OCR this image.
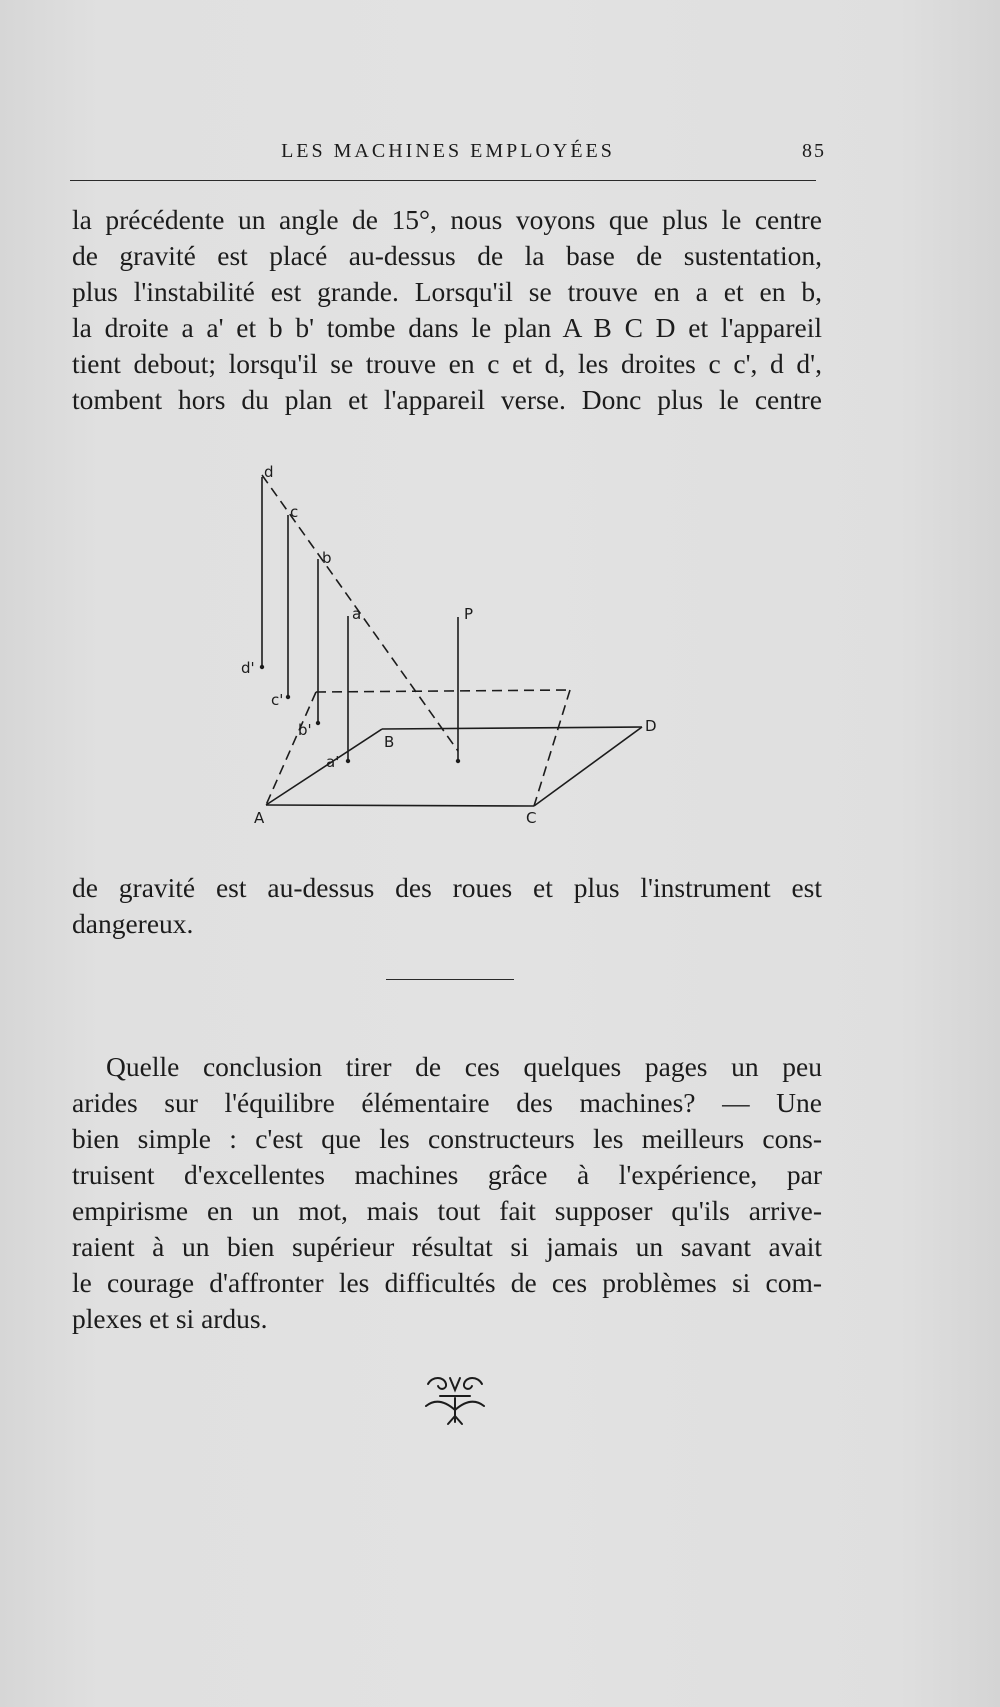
LES MACHINES EMPLOYÉES	85

la précédente un angle de 15°, nous voyons que plus le centre
de gravité est placé au-dessus de la base de sustentation,
plus l'instabilité est grande. Lorsqu'il se trouve en a et en b,
la droite a a' et b b' tombe dans le plan A B C D et l'appareil
tient debout; lorsqu'il se trouve en c et d, les droites c c', d d',
tombent hors du plan et l'appareil verse. Donc plus le centre

d
c
b
a	P
d'
c'
b'
a'
A
B
C
D

de gravité est au-dessus des roues et plus l'instrument est
dangereux.

Quelle conclusion tirer de ces quelques pages un peu
arides sur l'équilibre élémentaire des machines? — Une
bien simple : c'est que les constructeurs les meilleurs cons-
truisent d'excellentes machines grâce à l'expérience, par
empirisme en un mot, mais tout fait supposer qu'ils arrive-
raient à un bien supérieur résultat si jamais un savant avait
le courage d'affronter les difficultés de ces problèmes si com-
plexes et si ardus.
